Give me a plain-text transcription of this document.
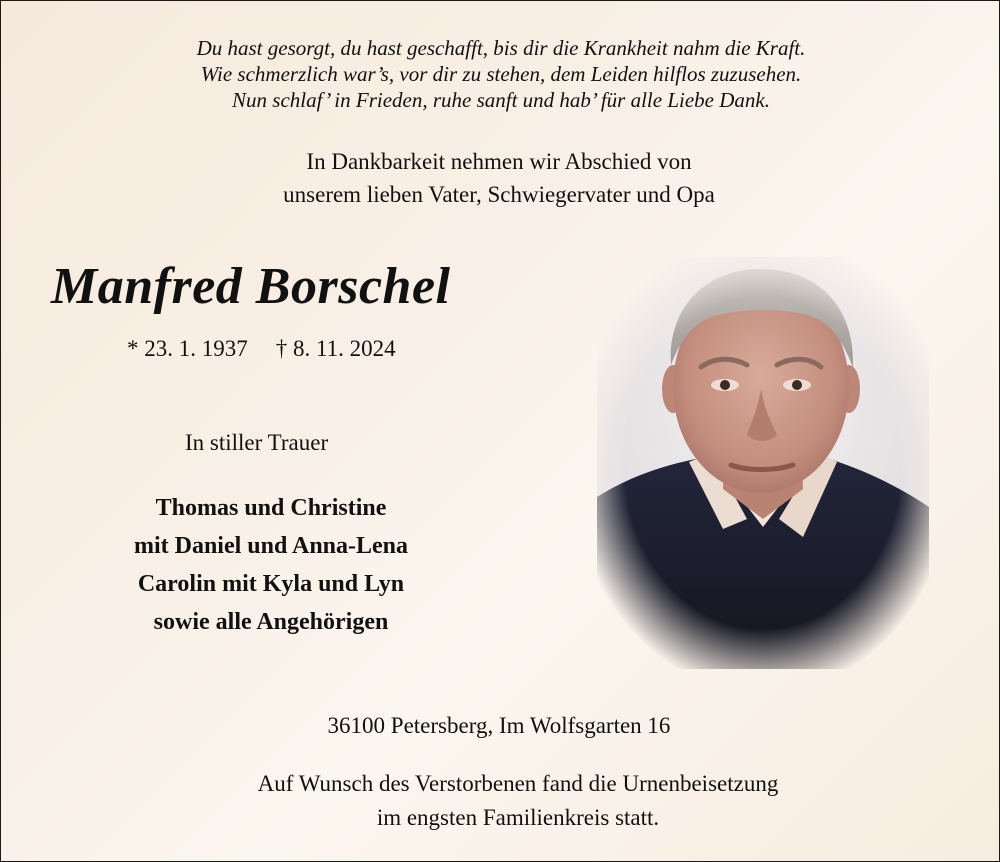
Du hast gesorgt, du hast geschafft, bis dir die Krankheit nahm die Kraft.
Wie schmerzlich war’s, vor dir zu stehen, dem Leiden hilflos zuzusehen.
Nun schlaf’ in Frieden, ruhe sanft und hab’ für alle Liebe Dank.
In Dankbarkeit nehmen wir Abschied von
unserem lieben Vater, Schwiegervater und Opa
Manfred Borschel
* 23. 1. 1937 † 8. 11. 2024
In stiller Trauer
Thomas und Christine
mit Daniel und Anna-Lena
Carolin mit Kyla und Lyn
sowie alle Angehörigen
36100 Petersberg, Im Wolfsgarten 16
Auf Wunsch des Verstorbenen fand die Urnenbeisetzung
im engsten Familienkreis statt.
